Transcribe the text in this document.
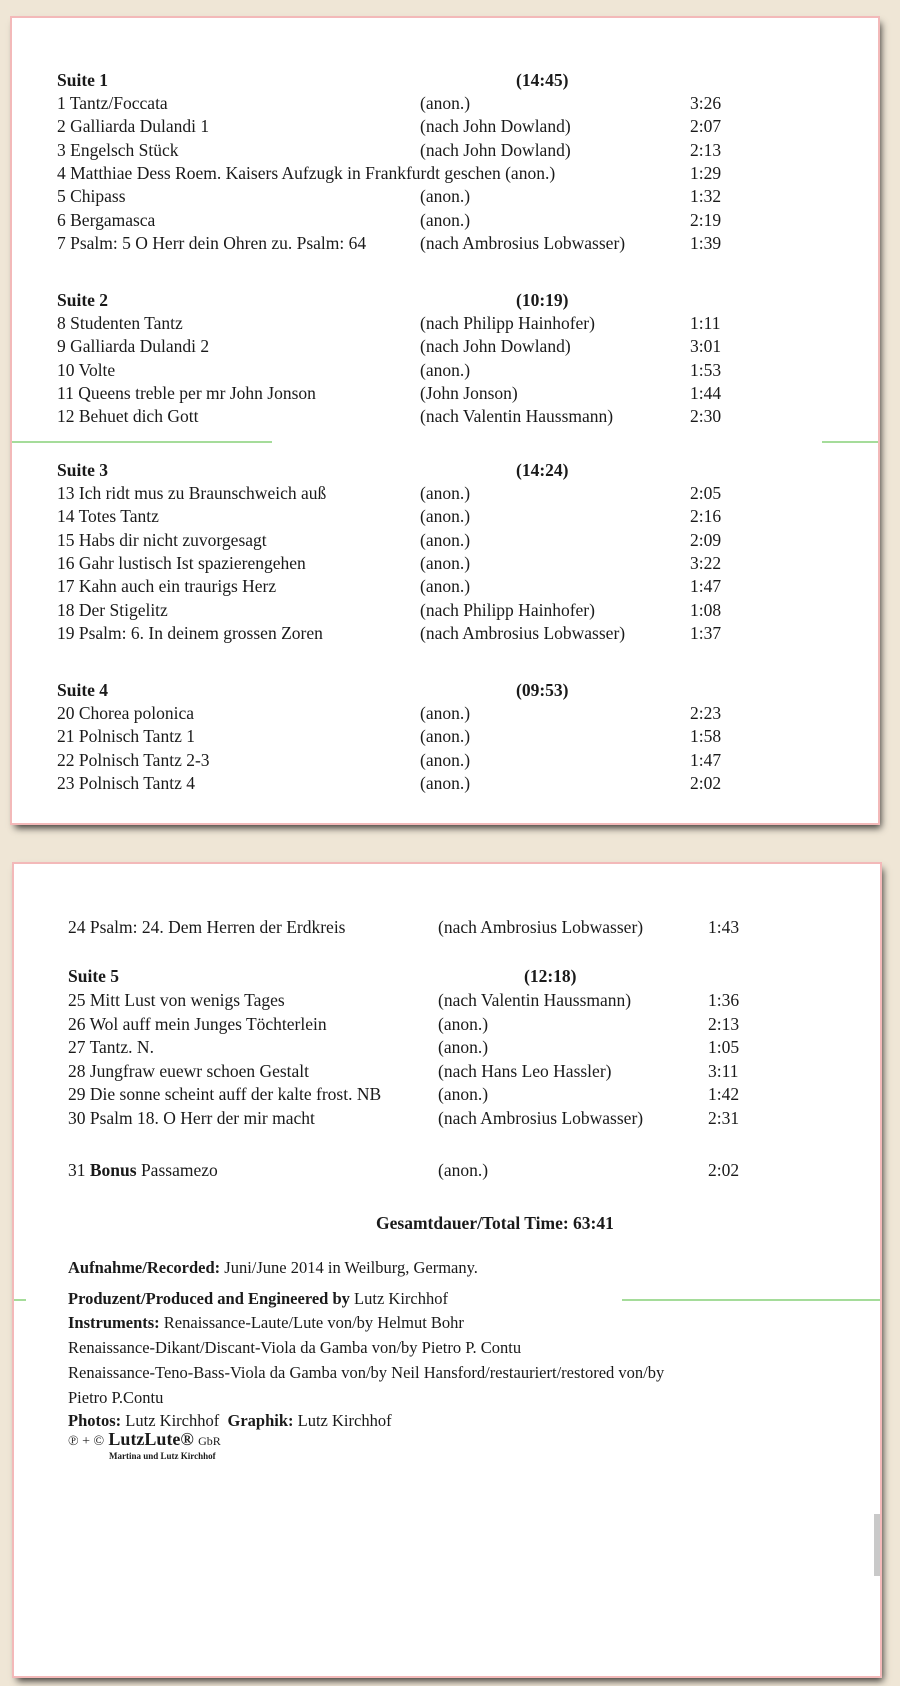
Suite 1	(14:45)
1 Tantz/Foccata	(anon.)	3:26
2 Galliarda Dulandi 1	(nach John Dowland)	2:07
3 Engelsch Stück	(nach John Dowland)	2:13
4 Matthiae Dess Roem. Kaisers Aufzugk in Frankfurdt geschen (anon.)	1:29
5 Chipass	(anon.)	1:32
6 Bergamasca	(anon.)	2:19
7 Psalm: 5 O Herr dein Ohren zu. Psalm: 64	(nach Ambrosius Lobwasser)	1:39
Suite 2	(10:19)
8 Studenten Tantz	(nach Philipp Hainhofer)	1:11
9 Galliarda Dulandi 2	(nach John Dowland)	3:01
10 Volte	(anon.)	1:53
11 Queens treble per mr John Jonson	(John Jonson)	1:44
12 Behuet dich Gott	(nach Valentin Haussmann)	2:30
Suite 3	(14:24)
13 Ich ridt mus zu Braunschweich auß	(anon.)	2:05
14 Totes Tantz	(anon.)	2:16
15 Habs dir nicht zuvorgesagt	(anon.)	2:09
16 Gahr lustisch Ist spazierengehen	(anon.)	3:22
17 Kahn auch ein traurigs Herz	(anon.)	1:47
18 Der Stigelitz	(nach Philipp Hainhofer)	1:08
19 Psalm: 6. In deinem grossen Zoren	(nach Ambrosius Lobwasser)	1:37
Suite 4	(09:53)
20 Chorea polonica	(anon.)	2:23
21 Polnisch Tantz 1	(anon.)	1:58
22 Polnisch Tantz 2-3	(anon.)	1:47
23 Polnisch Tantz 4	(anon.)	2:02
24 Psalm: 24. Dem Herren der Erdkreis	(nach Ambrosius Lobwasser)	1:43
Suite 5	(12:18)
25 Mitt Lust von wenigs Tages	(nach Valentin Haussmann)	1:36
26 Wol auff mein Junges Töchterlein	(anon.)	2:13
27 Tantz. N.	(anon.)	1:05
28 Jungfraw euewr schoen Gestalt	(nach Hans Leo Hassler)	3:11
29 Die sonne scheint auff der kalte frost. NB	(anon.)	1:42
30 Psalm 18. O Herr der mir macht	(nach Ambrosius Lobwasser)	2:31
31 Bonus Passamezo	(anon.)	2:02
Gesamtdauer/Total Time: 63:41
Aufnahme/Recorded: Juni/June 2014 in Weilburg, Germany.
Produzent/Produced and Engineered by Lutz Kirchhof
Instruments: Renaissance-Laute/Lute von/by Helmut Bohr
Renaissance-Dikant/Discant-Viola da Gamba von/by Pietro P. Contu
Renaissance-Teno-Bass-Viola da Gamba von/by Neil Hansford/restauriert/restored von/by
Pietro P.Contu
Photos: Lutz Kirchhof Graphik: Lutz Kirchhof
℗ + © LutzLute® GbR
Martina und Lutz Kirchhof
